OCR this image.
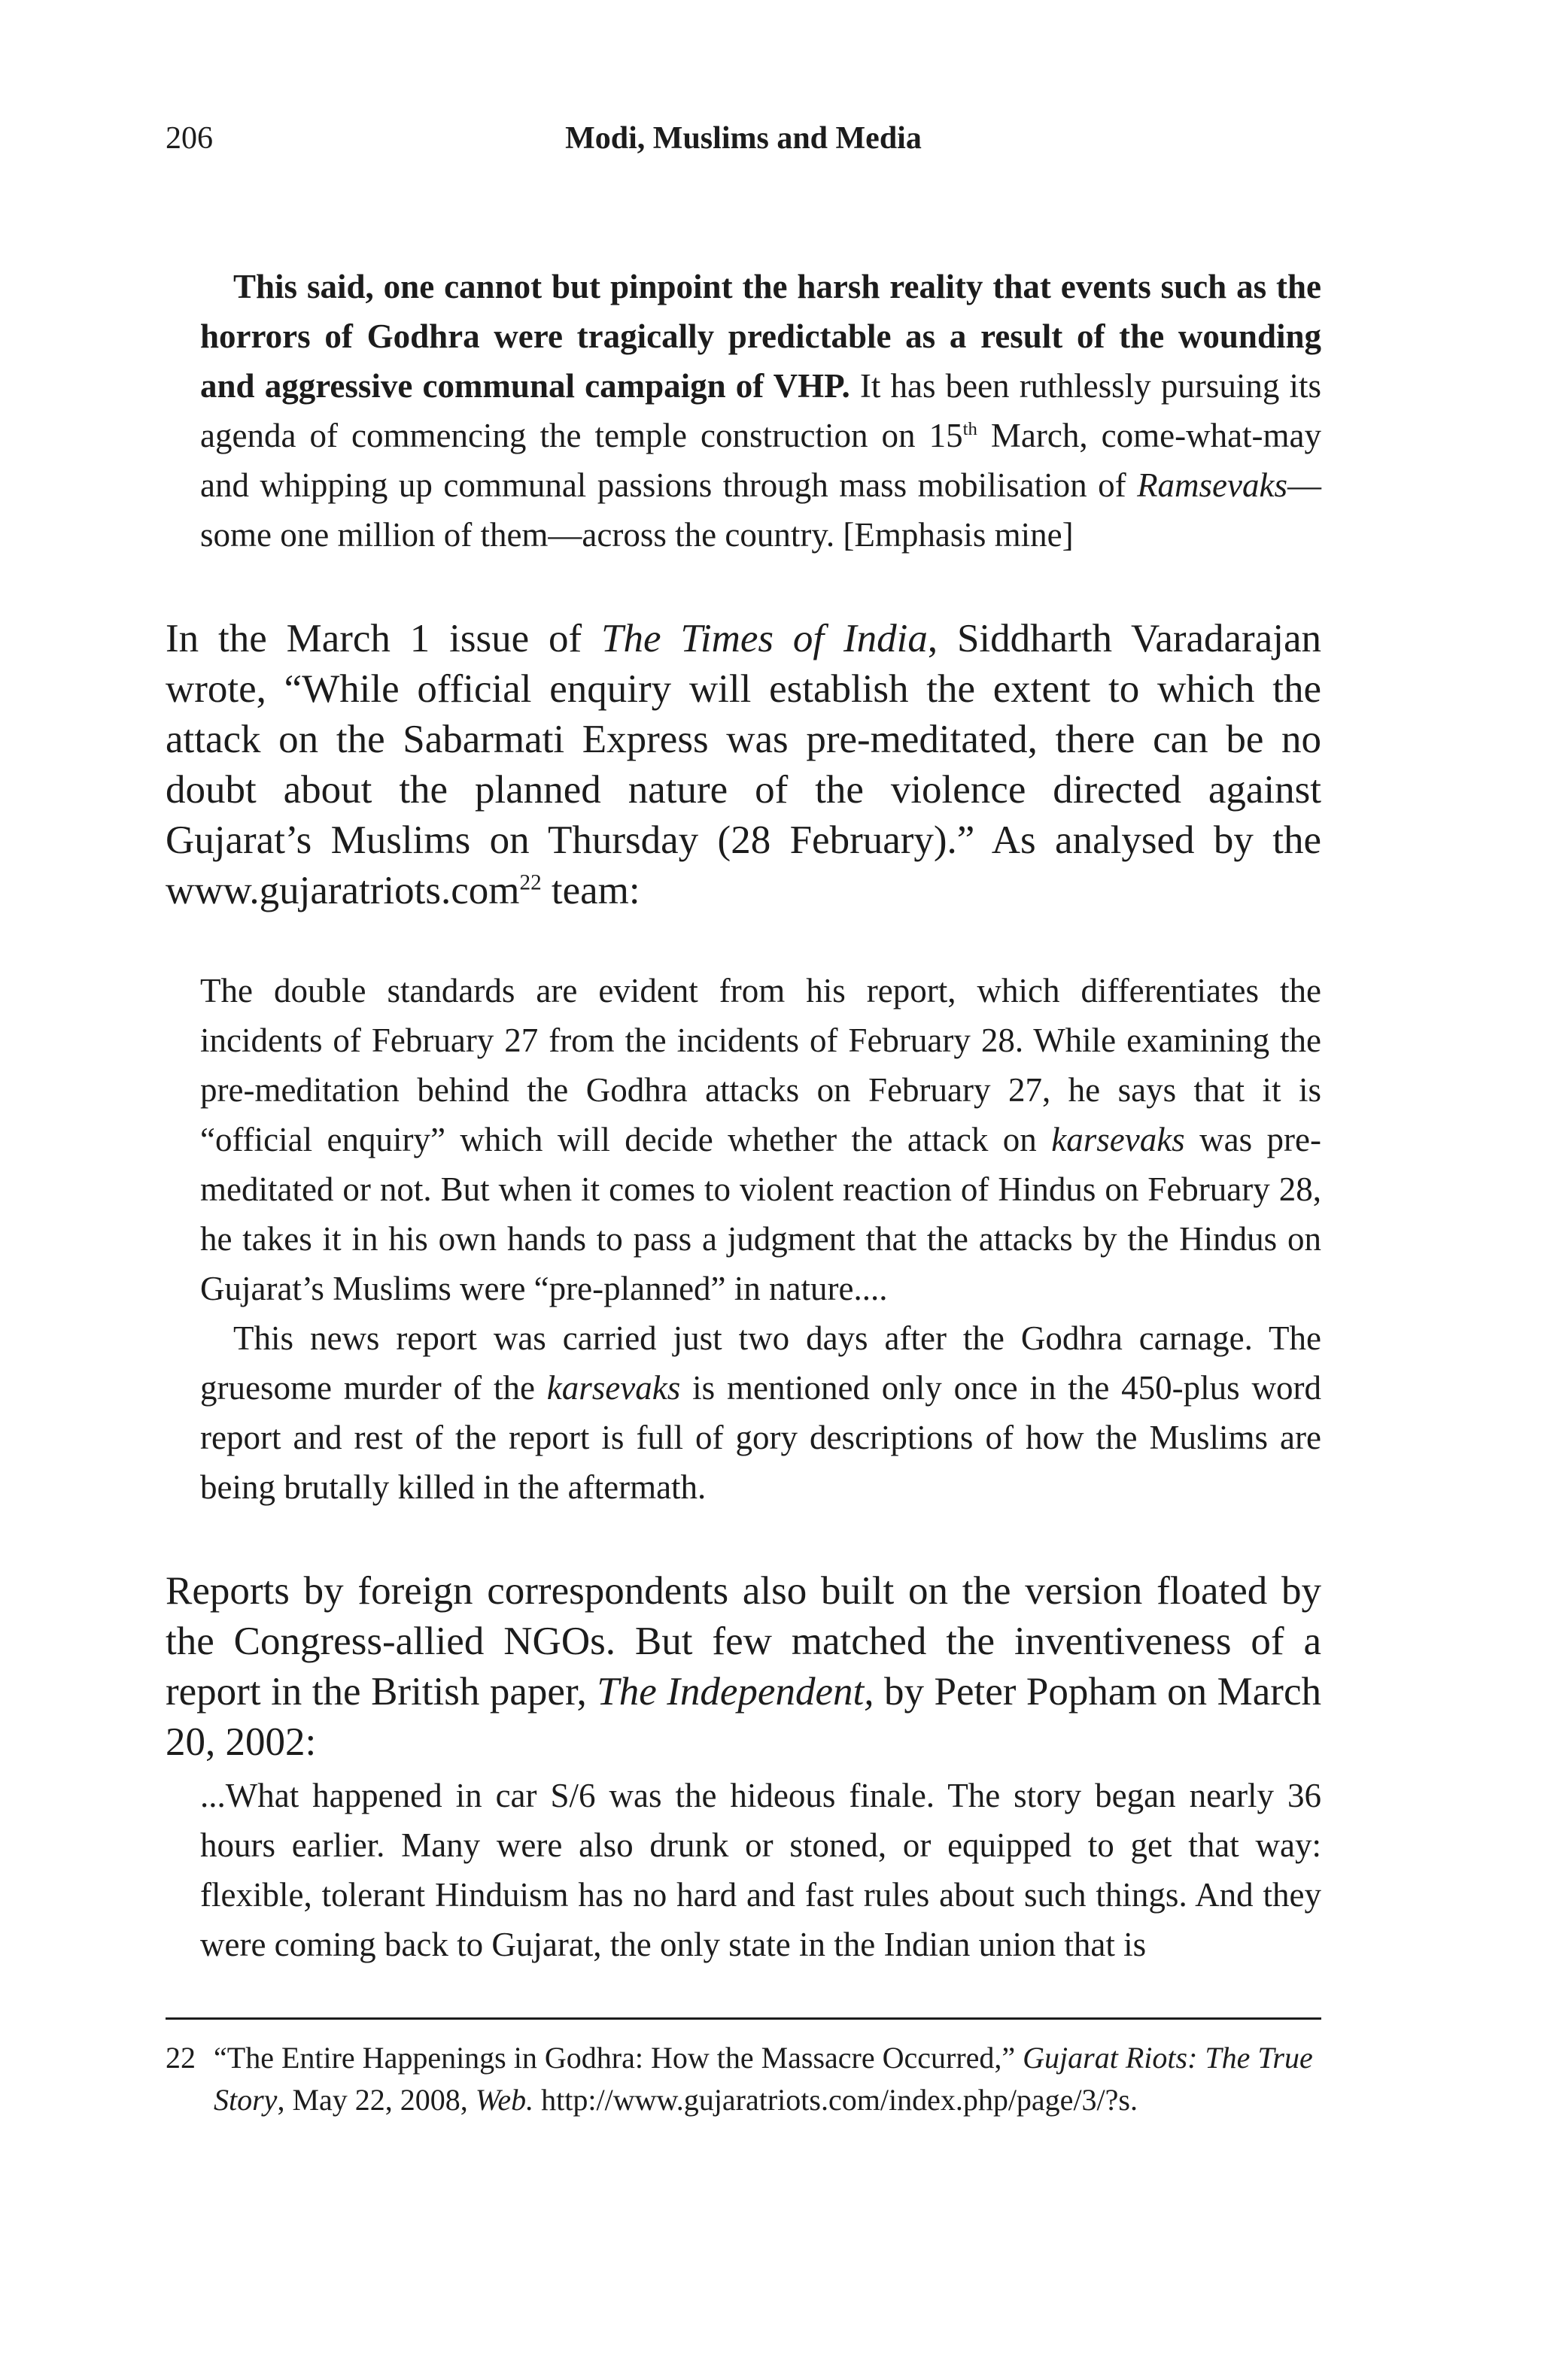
206	Modi, Muslims and Media

This said, one cannot but pinpoint the harsh reality that events such as the horrors of Godhra were tragically predictable as a result of the wounding and aggressive communal campaign of VHP. It has been ruthlessly pursuing its agenda of commencing the temple construction on 15th March, come-what-may and whipping up communal passions through mass mobilisation of Ramsevaks—some one million of them—across the country. [Emphasis mine]

In the March 1 issue of The Times of India, Siddharth Varadarajan wrote, “While official enquiry will establish the extent to which the attack on the Sabarmati Express was pre-meditated, there can be no doubt about the planned nature of the violence directed against Gujarat’s Muslims on Thursday (28 February).” As analysed by the www.gujaratriots.com$^{22}$ team:

The double standards are evident from his report, which differentiates the incidents of February 27 from the incidents of February 28. While examining the pre-meditation behind the Godhra attacks on February 27, he says that it is “official enquiry” which will decide whether the attack on karsevaks was pre-meditated or not. But when it comes to violent reaction of Hindus on February 28, he takes it in his own hands to pass a judgment that the attacks by the Hindus on Gujarat’s Muslims were “pre-planned” in nature....

This news report was carried just two days after the Godhra carnage. The gruesome murder of the karsevaks is mentioned only once in the 450-plus word report and rest of the report is full of gory descriptions of how the Muslims are being brutally killed in the aftermath.

Reports by foreign correspondents also built on the version floated by the Congress-allied NGOs. But few matched the inventiveness of a report in the British paper, The Independent, by Peter Popham on March 20, 2002:

...What happened in car S/6 was the hideous finale. The story began nearly 36 hours earlier. Many were also drunk or stoned, or equipped to get that way: flexible, tolerant Hinduism has no hard and fast rules about such things. And they were coming back to Gujarat, the only state in the Indian union that is

22 “The Entire Happenings in Godhra: How the Massacre Occurred,” Gujarat Riots: The True Story, May 22, 2008, Web. http://www.gujaratriots.com/index.php/page/3/?s.
